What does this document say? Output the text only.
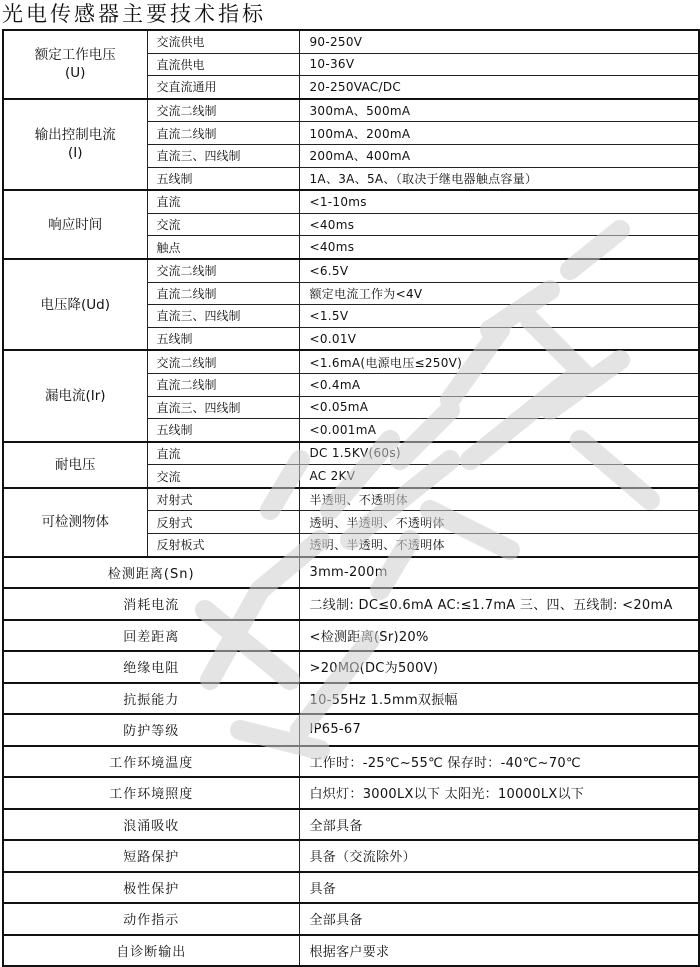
光电传感器主要技术指标
额定工作电压
(U)	交流供电	90-250V
	直流供电	10-36V
	交直流通用	20-250VAC/DC

输出控制电流
(I)	交流二线制	300mA、500mA
	直流二线制	100mA、200mA
	直流三、四线制	200mA、400mA
	五线制	1A、3A、5A、（取决于继电器触点容量）

响应时间	直流	<1-10ms
	交流	<40ms
	触点	<40ms

电压降(Ud)	交流二线制	<6.5V
	直流二线制	额定电流工作为<4V
	直流三、四线制	<1.5V
	五线制	<0.01V

漏电流(Ir)	交流二线制	<1.6mA(电源电压≤250V)
	直流二线制	<0.4mA
	直流三、四线制	<0.05mA
	五线制	<0.001mA

耐电压	直流	DC 1.5KV(60s)
	交流	AC 2KV

可检测物体	对射式	半透明、不透明体
	反射式	透明、半透明、不透明体
	反射板式	透明、半透明、不透明体
检测距离(Sn)		3mm-200m
消耗电流		二线制: DC≤0.6mA AC:≤1.7mA 三、四、五线制: <20mA
回差距离		<检测距离(Sr)20%
绝缘电阻		>20MΩ(DC为500V)
抗振能力		10-55Hz 1.5mm双振幅
防护等级		IP65-67
工作环境温度		工作时：-25℃~55℃ 保存时：-40℃~70℃
工作环境照度		白炽灯：3000LX以下 太阳光：10000LX以下
浪涌吸收		全部具备
短路保护		具备（交流除外）
极性保护		具备
动作指示		全部具备
自诊断输出		根据客户要求
